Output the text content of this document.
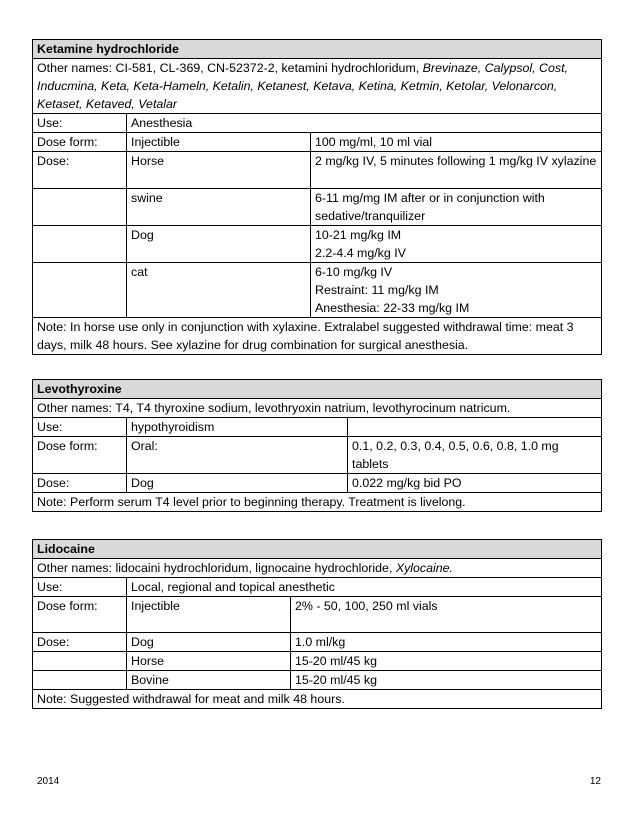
Ketamine hydrochloride		
Other names: CI-581, CL-369, CN-52372-2, ketamini hydrochloridum, Brevinaze, Calypsol, Cost, Inducmina, Keta, Keta-Hameln, Ketalin, Ketanest, Ketava, Ketina, Ketmin, Ketolar, Velonarcon, Ketaset, Ketaved, Vetalar		
Use:	Anesthesia	
Dose form:	Injectible	100 mg/ml, 10 ml vial
Dose:	Horse	2 mg/kg IV, 5 minutes following 1 mg/kg IV xylazine

	swine	6-11 mg/mg IM after or in conjunction with sedative/tranquilizer

	Dog	10-21 mg/kg IM
2.2-4.4 mg/kg IV

	cat	6-10 mg/kg IV
Restraint: 11 mg/kg IM
Anesthesia: 22-33 mg/kg IM

Note: In horse use only in conjunction with xylaxine. Extralabel suggested withdrawal time: meat 3 days, milk 48 hours. See xylazine for drug combination for surgical anesthesia.		
Levothyroxine		
Other names: T4, T4 thyroxine sodium, levothryoxin natrium, levothyrocinum natricum.		
Use:	hypothyroidism	
Dose form:	Oral:	0.1, 0.2, 0.3, 0.4, 0.5, 0.6, 0.8, 1.0 mg tablets
Dose:	Dog	0.022 mg/kg bid PO
Note: Perform serum T4 level prior to beginning therapy. Treatment is livelong.		
Lidocaine		
Other names: lidocaini hydrochloridum, lignocaine hydrochloride, Xylocaine.		
Use:	Local, regional and topical anesthetic	
Dose form:	Injectible	2% - 50, 100, 250 ml vials
Dose:	Dog	1.0 ml/kg
	Horse	15-20 ml/45 kg
	Bovine	15-20 ml/45 kg
Note: Suggested withdrawal for meat and milk 48 hours.		
2014	12
